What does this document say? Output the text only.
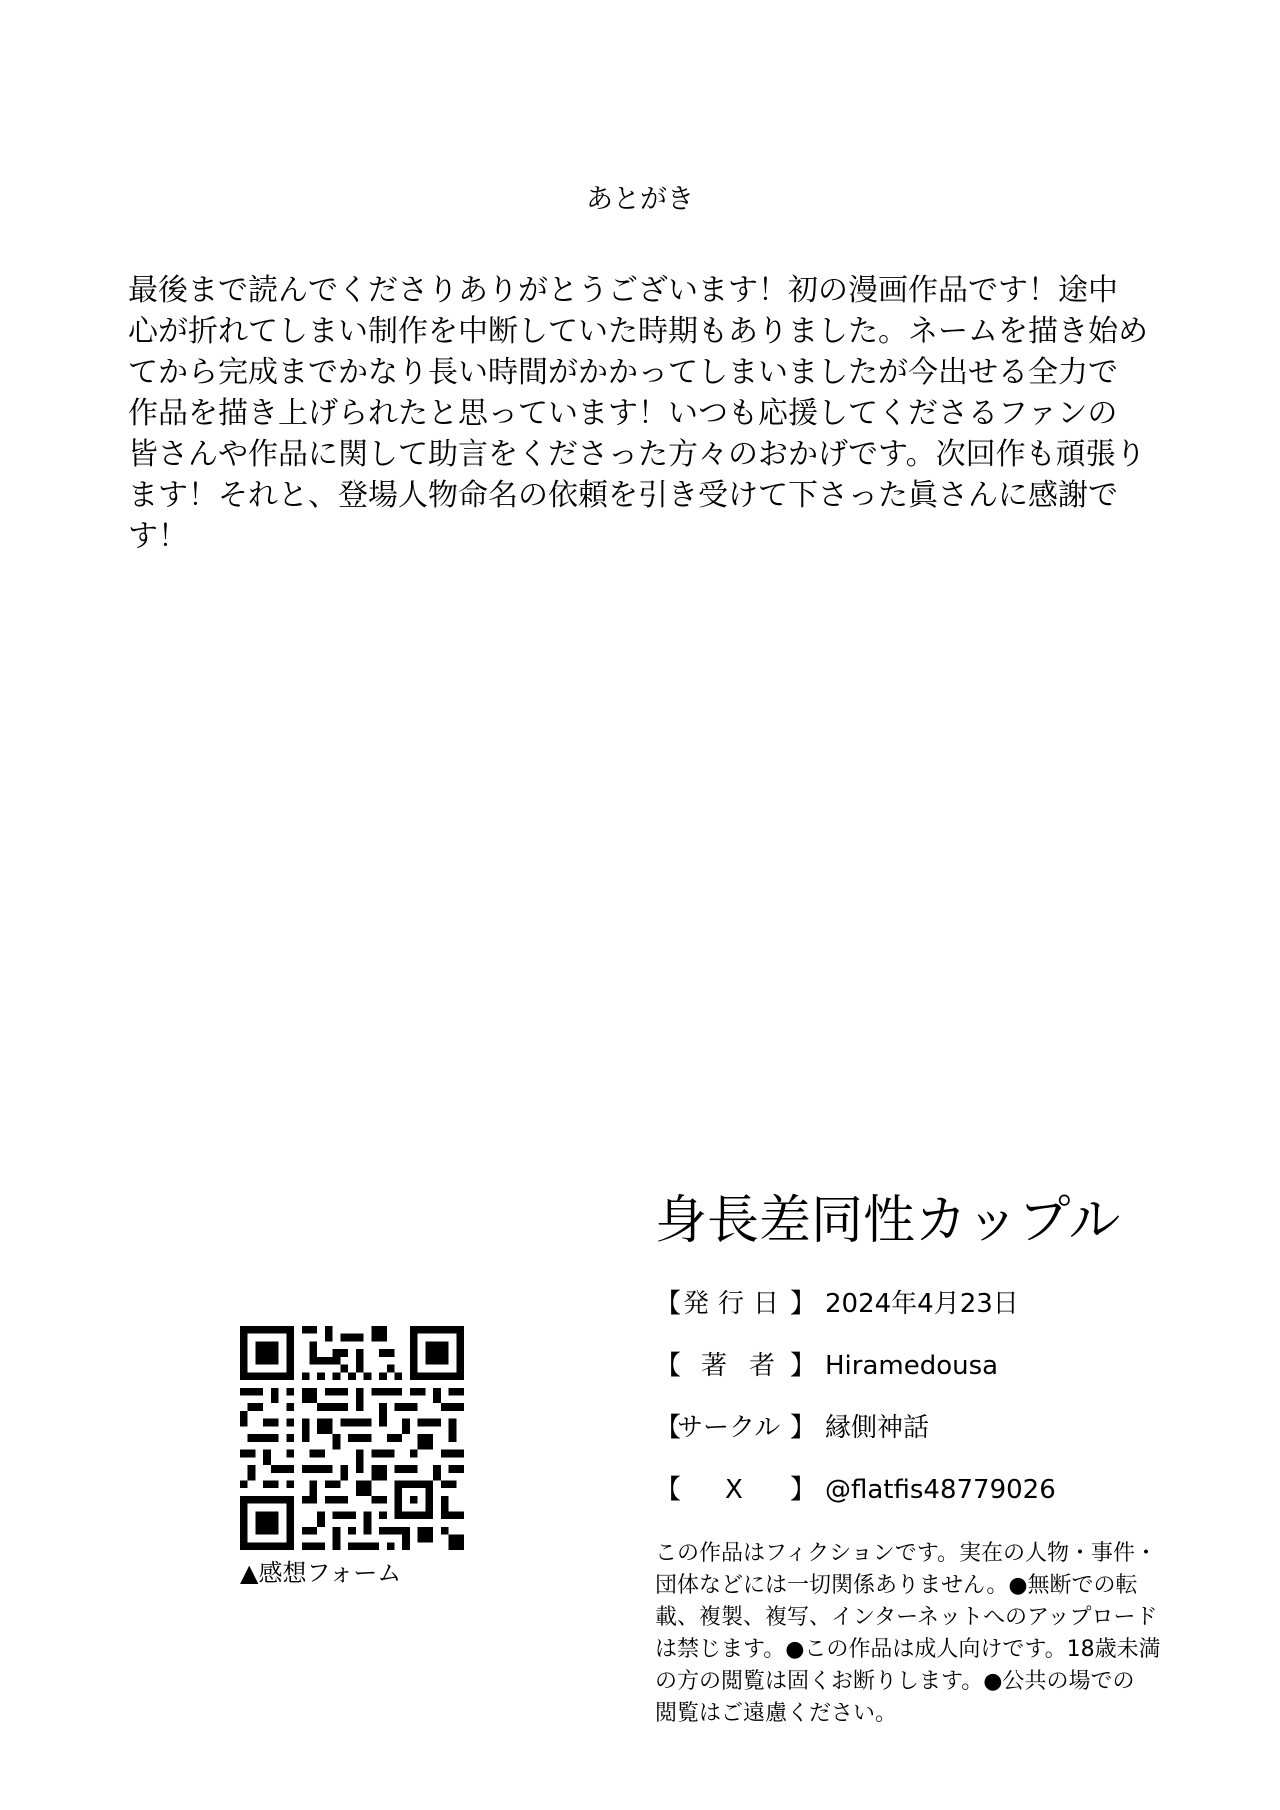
あとがき
最後まで読んでくださりありがとうございます！初の漫画作品です！途中
心が折れてしまい制作を中断していた時期もありました。ネームを描き始め
てから完成までかなり長い時間がかかってしまいましたが今出せる全力で
作品を描き上げられたと思っています！いつも応援してくださるファンの
皆さんや作品に関して助言をくださった方々のおかげです。次回作も頑張り
ます！それと、登場人物命名の依頼を引き受けて下さった眞さんに感謝で
す！
身長差同性カップル
【 発行日 】 2024年4月23日
【 著者
】 Hiramedousa
【
サークル 】 縁側神話
【 X 】 @flatfis48779026
この作品はフィクションです。実在の人物・事件・
団体などには一切関係ありません。●無断での転
載、複製、複写、インターネットへのアップロード
は禁じます。●この作品は成人向けです。18歳未満
の方の閲覧は固くお断りします。●公共の場での
閲覧はご遠慮ください。
▲感想フォーム
